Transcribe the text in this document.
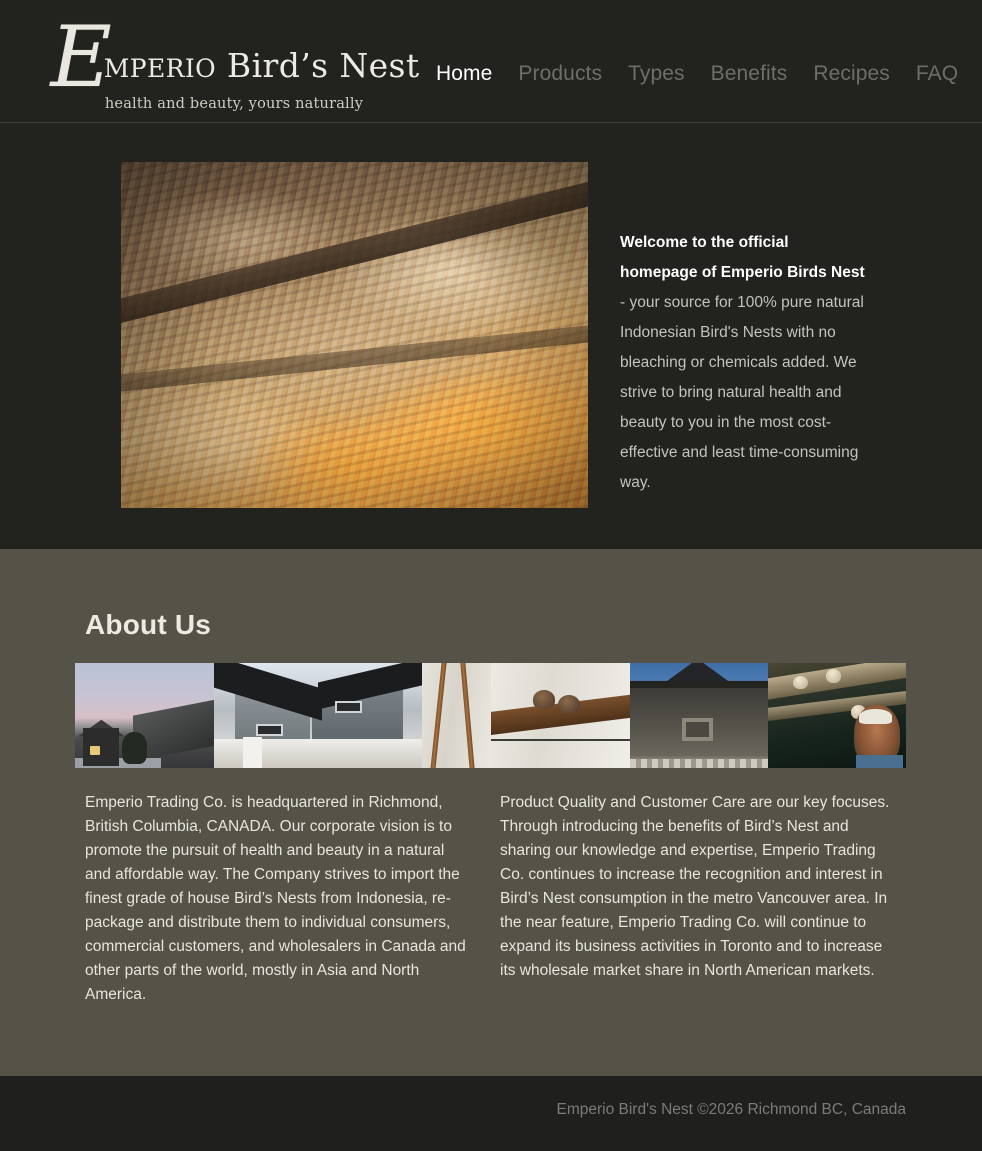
E MPERIO Bird’s Nest
health and beauty, yours naturally
Home	Products	Types	Benefits	Recipes	FAQ
Welcome to the official homepage of Emperio Birds Nest - your source for 100% pure natural Indonesian Bird's Nests with no bleaching or chemicals added. We strive to bring natural health and beauty to you in the most cost-effective and least time-consuming way.
About Us
Emperio Trading Co. is headquartered in Richmond, British Columbia, CANADA. Our corporate vision is to promote the pursuit of health and beauty in a natural and affordable way. The Company strives to import the finest grade of house Bird’s Nests from Indonesia, re-package and distribute them to individual consumers, commercial customers, and wholesalers in Canada and other parts of the world, mostly in Asia and North America.
Product Quality and Customer Care are our key focuses. Through introducing the benefits of Bird’s Nest and sharing our knowledge and expertise, Emperio Trading Co. continues to increase the recognition and interest in Bird’s Nest consumption in the metro Vancouver area. In the near feature, Emperio Trading Co. will continue to expand its business activities in Toronto and to increase its wholesale market share in North American markets.
Emperio Bird's Nest ©2026 Richmond BC, Canada
